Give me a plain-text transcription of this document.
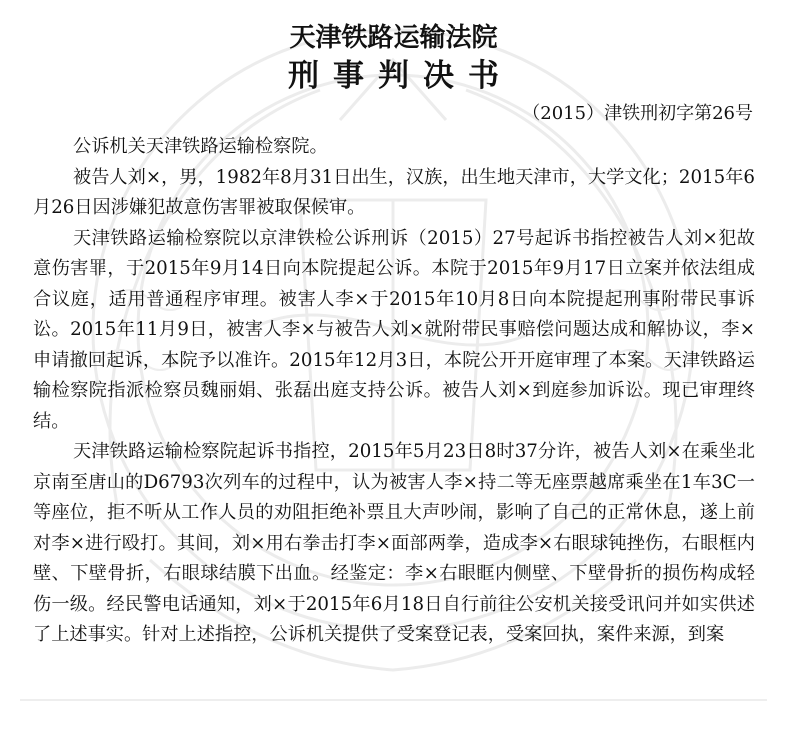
天津铁路运输法院
刑事判决书
（2015）津铁刑初字第26号

公诉机关天津铁路运输检察院。

被告人刘×，男，1982年8月31日出生，汉族，出生地天津市，大学文化；2015年6月26日因涉嫌犯故意伤害罪被取保候审。

天津铁路运输检察院以京津铁检公诉刑诉（2015）27号起诉书指控被告人刘×犯故意伤害罪，于2015年9月14日向本院提起公诉。本院于2015年9月17日立案并依法组成合议庭，适用普通程序审理。被害人李×于2015年10月8日向本院提起刑事附带民事诉讼。2015年11月9日，被害人李×与被告人刘×就附带民事赔偿问题达成和解协议，李×申请撤回起诉，本院予以准许。2015年12月3日，本院公开开庭审理了本案。天津铁路运输检察院指派检察员魏丽娟、张磊出庭支持公诉。被告人刘×到庭参加诉讼。现已审理终结。

天津铁路运输检察院起诉书指控，2015年5月23日8时37分许，被告人刘×在乘坐北京南至唐山的D6793次列车的过程中，认为被害人李×持二等无座票越席乘坐在1车3C一等座位，拒不听从工作人员的劝阻拒绝补票且大声吵闹，影响了自己的正常休息，遂上前对李×进行殴打。其间，刘×用右拳击打李×面部两拳，造成李×右眼球钝挫伤，右眼框内壁、下壁骨折，右眼球结膜下出血。经鉴定：李×右眼眶内侧壁、下壁骨折的损伤构成轻伤一级。经民警电话通知，刘×于2015年6月18日自行前往公安机关接受讯问并如实供述了上述事实。针对上述指控，公诉机关提供了受案登记表，受案回执，案件来源，到案
